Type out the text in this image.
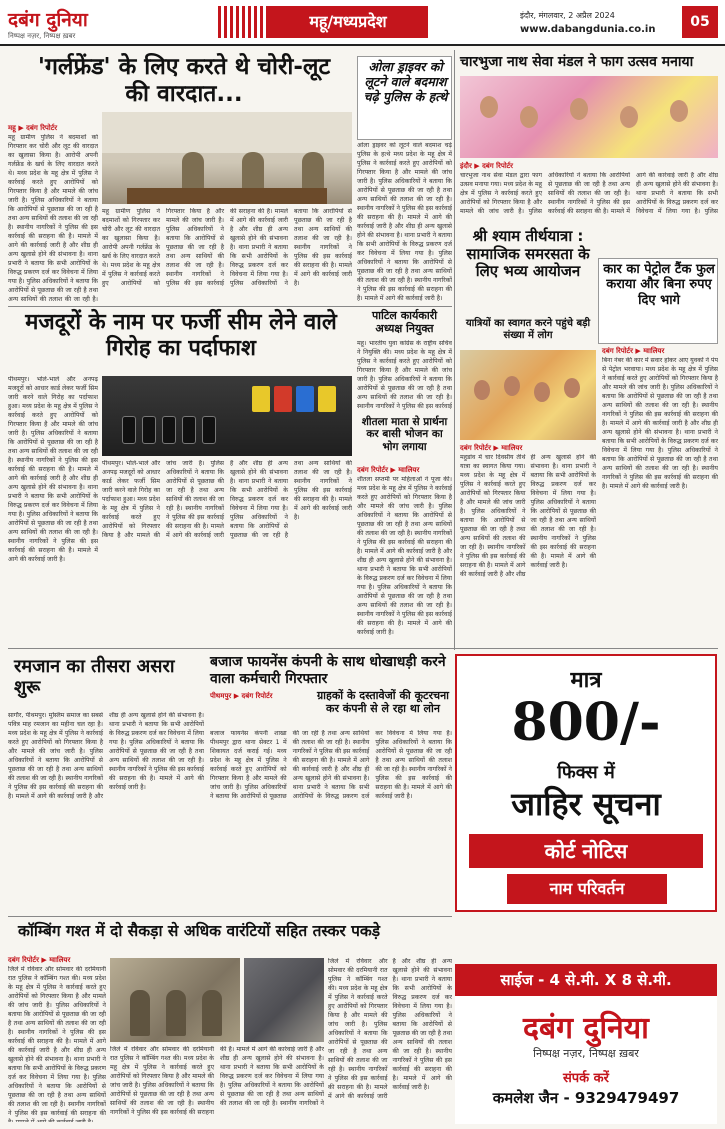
दबंग दुनिया
निष्पक्ष नज़र, निष्पक्ष ख़बर
महू/मध्यप्रदेश	इंदौर, मंगलवार, 2 अप्रैल 2024
www.dabangdunia.co.in	05
'गर्लफ्रेंड' के लिए करते थे चोरी-लूट की वारदात...
महू ▶ दबंग रिपोर्टर
महू ग्रामीण पुलिस ने बदमाशों को गिरफ्तार कर चोरी और लूट की वारदात का खुलासा किया है। आरोपी अपनी गर्लफ्रेंड के खर्च के लिए वारदात करते थे। मध्य प्रदेश के महू क्षेत्र में पुलिस ने कार्रवाई करते हुए आरोपियों को गिरफ्तार किया है और मामले की जांच जारी है। पुलिस अधिकारियों ने बताया कि आरोपियों से पूछताछ की जा रही है तथा अन्य साथियों की तलाश की जा रही है। स्थानीय नागरिकों ने पुलिस की इस कार्रवाई की सराहना की है। मामले में आगे की कार्रवाई जारी है और शीघ्र ही अन्य खुलासे होने की संभावना है। थाना प्रभारी ने बताया कि सभी आरोपियों के विरुद्ध प्रकरण दर्ज कर विवेचना में लिया गया है। पुलिस अधिकारियों ने बताया कि आरोपियों से पूछताछ की जा रही है तथा अन्य साथियों की तलाश की जा रही है। स्थानीय नागरिकों ने पुलिस की इस कार्रवाई की सराहना की है। मामले में आगे की कार्रवाई जारी है।
महू ग्रामीण पुलिस ने बदमाशों को गिरफ्तार कर चोरी और लूट की वारदात का खुलासा किया है। आरोपी अपनी गर्लफ्रेंड के खर्च के लिए वारदात करते थे। मध्य प्रदेश के महू क्षेत्र में पुलिस ने कार्रवाई करते हुए आरोपियों को गिरफ्तार किया है और मामले की जांच जारी है। पुलिस अधिकारियों ने बताया कि आरोपियों से पूछताछ की जा रही है तथा अन्य साथियों की तलाश की जा रही है। स्थानीय नागरिकों ने पुलिस की इस कार्रवाई की सराहना की है। मामले में आगे की कार्रवाई जारी है और शीघ्र ही अन्य खुलासे होने की संभावना है। थाना प्रभारी ने बताया कि सभी आरोपियों के विरुद्ध प्रकरण दर्ज कर विवेचना में लिया गया है। पुलिस अधिकारियों ने बताया कि आरोपियों से पूछताछ की जा रही है तथा अन्य साथियों की तलाश की जा रही है। स्थानीय नागरिकों ने पुलिस की इस कार्रवाई की सराहना की है। मामले में आगे की कार्रवाई जारी है।
ओला ड्राइवर को लूटने वाले बदमाश चढ़े पुलिस के हत्थे
ओला ड्राइवर को लूटने वाले बदमाश चढ़े पुलिस के हत्थे मध्य प्रदेश के महू क्षेत्र में पुलिस ने कार्रवाई करते हुए आरोपियों को गिरफ्तार किया है और मामले की जांच जारी है। पुलिस अधिकारियों ने बताया कि आरोपियों से पूछताछ की जा रही है तथा अन्य साथियों की तलाश की जा रही है। स्थानीय नागरिकों ने पुलिस की इस कार्रवाई की सराहना की है। मामले में आगे की कार्रवाई जारी है और शीघ्र ही अन्य खुलासे होने की संभावना है। थाना प्रभारी ने बताया कि सभी आरोपियों के विरुद्ध प्रकरण दर्ज कर विवेचना में लिया गया है। पुलिस अधिकारियों ने बताया कि आरोपियों से पूछताछ की जा रही है तथा अन्य साथियों की तलाश की जा रही है। स्थानीय नागरिकों ने पुलिस की इस कार्रवाई की सराहना की है। मामले में आगे की कार्रवाई जारी है।
चारभुजा नाथ सेवा मंडल ने फाग उत्सव मनाया
इंदौर ▶ दबंग रिपोर्टर
चारभुजा नाथ सेवा मंडल द्वारा फाग उत्सव मनाया गया। मध्य प्रदेश के महू क्षेत्र में पुलिस ने कार्रवाई करते हुए आरोपियों को गिरफ्तार किया है और मामले की जांच जारी है। पुलिस अधिकारियों ने बताया कि आरोपियों से पूछताछ की जा रही है तथा अन्य साथियों की तलाश की जा रही है। स्थानीय नागरिकों ने पुलिस की इस कार्रवाई की सराहना की है। मामले में आगे की कार्रवाई जारी है और शीघ्र ही अन्य खुलासे होने की संभावना है। थाना प्रभारी ने बताया कि सभी आरोपियों के विरुद्ध प्रकरण दर्ज कर विवेचना में लिया गया है। पुलिस अधिकारियों ने बताया कि आरोपियों से पूछताछ की जा रही है तथा अन्य साथियों की तलाश की जा रही है। स्थानीय नागरिकों ने पुलिस की इस कार्रवाई की सराहना की है। मामले में आगे की कार्रवाई जारी है।
श्री श्याम तीर्थयात्रा : सामाजिक समरसता के लिए भव्य आयोजन
यात्रियों का स्वागत करने पहुंचे बड़ी संख्या में लोग
दबंग रिपोर्टर ▶ ग्वालियर
महुडांव में चार दिवसीय तीर्थ यात्रा का स्वागत किया गया। मध्य प्रदेश के महू क्षेत्र में पुलिस ने कार्रवाई करते हुए आरोपियों को गिरफ्तार किया है और मामले की जांच जारी है। पुलिस अधिकारियों ने बताया कि आरोपियों से पूछताछ की जा रही है तथा अन्य साथियों की तलाश की जा रही है। स्थानीय नागरिकों ने पुलिस की इस कार्रवाई की सराहना की है। मामले में आगे की कार्रवाई जारी है और शीघ्र ही अन्य खुलासे होने की संभावना है। थाना प्रभारी ने बताया कि सभी आरोपियों के विरुद्ध प्रकरण दर्ज कर विवेचना में लिया गया है। पुलिस अधिकारियों ने बताया कि आरोपियों से पूछताछ की जा रही है तथा अन्य साथियों की तलाश की जा रही है। स्थानीय नागरिकों ने पुलिस की इस कार्रवाई की सराहना की है। मामले में आगे की कार्रवाई जारी है।
कार का पेट्रोल टैंक फुल कराया और बिना रुपए दिए भागे
दबंग रिपोर्टर ▶ ग्वालियर
बिना नंबर की कार में सवार होकर आए युवकों ने पंप से पेट्रोल भरवाया। मध्य प्रदेश के महू क्षेत्र में पुलिस ने कार्रवाई करते हुए आरोपियों को गिरफ्तार किया है और मामले की जांच जारी है। पुलिस अधिकारियों ने बताया कि आरोपियों से पूछताछ की जा रही है तथा अन्य साथियों की तलाश की जा रही है। स्थानीय नागरिकों ने पुलिस की इस कार्रवाई की सराहना की है। मामले में आगे की कार्रवाई जारी है और शीघ्र ही अन्य खुलासे होने की संभावना है। थाना प्रभारी ने बताया कि सभी आरोपियों के विरुद्ध प्रकरण दर्ज कर विवेचना में लिया गया है। पुलिस अधिकारियों ने बताया कि आरोपियों से पूछताछ की जा रही है तथा अन्य साथियों की तलाश की जा रही है। स्थानीय नागरिकों ने पुलिस की इस कार्रवाई की सराहना की है। मामले में आगे की कार्रवाई जारी है।
मजदूरों के नाम पर फर्जी सीम लेने वाले गिरोह का पर्दाफाश
पीथमपुर। भोले-भाले और अनपढ़ मजदूरों को आधार कार्ड लेकर फर्जी सिम जारी करने वाले गिरोह का पर्दाफाश हुआ। मध्य प्रदेश के महू क्षेत्र में पुलिस ने कार्रवाई करते हुए आरोपियों को गिरफ्तार किया है और मामले की जांच जारी है। पुलिस अधिकारियों ने बताया कि आरोपियों से पूछताछ की जा रही है तथा अन्य साथियों की तलाश की जा रही है। स्थानीय नागरिकों ने पुलिस की इस कार्रवाई की सराहना की है। मामले में आगे की कार्रवाई जारी है और शीघ्र ही अन्य खुलासे होने की संभावना है। थाना प्रभारी ने बताया कि सभी आरोपियों के विरुद्ध प्रकरण दर्ज कर विवेचना में लिया गया है। पुलिस अधिकारियों ने बताया कि आरोपियों से पूछताछ की जा रही है तथा अन्य साथियों की तलाश की जा रही है। स्थानीय नागरिकों ने पुलिस की इस कार्रवाई की सराहना की है। मामले में आगे की कार्रवाई जारी है।
पीथमपुर। भोले-भाले और अनपढ़ मजदूरों को आधार कार्ड लेकर फर्जी सिम जारी करने वाले गिरोह का पर्दाफाश हुआ। मध्य प्रदेश के महू क्षेत्र में पुलिस ने कार्रवाई करते हुए आरोपियों को गिरफ्तार किया है और मामले की जांच जारी है। पुलिस अधिकारियों ने बताया कि आरोपियों से पूछताछ की जा रही है तथा अन्य साथियों की तलाश की जा रही है। स्थानीय नागरिकों ने पुलिस की इस कार्रवाई की सराहना की है। मामले में आगे की कार्रवाई जारी है और शीघ्र ही अन्य खुलासे होने की संभावना है। थाना प्रभारी ने बताया कि सभी आरोपियों के विरुद्ध प्रकरण दर्ज कर विवेचना में लिया गया है। पुलिस अधिकारियों ने बताया कि आरोपियों से पूछताछ की जा रही है तथा अन्य साथियों की तलाश की जा रही है। स्थानीय नागरिकों ने पुलिस की इस कार्रवाई की सराहना की है। मामले में आगे की कार्रवाई जारी है।
पाटिल कार्यकारी अध्यक्ष नियुक्त
महू। भारतीय युवा कांग्रेस के राष्ट्रीय सचिव ने नियुक्ति की। मध्य प्रदेश के महू क्षेत्र में पुलिस ने कार्रवाई करते हुए आरोपियों को गिरफ्तार किया है और मामले की जांच जारी है। पुलिस अधिकारियों ने बताया कि आरोपियों से पूछताछ की जा रही है तथा अन्य साथियों की तलाश की जा रही है। स्थानीय नागरिकों ने पुलिस की इस कार्रवाई की सराहना की है। मामले में आगे की कार्रवाई जारी है और शीघ्र ही अन्य खुलासे होने की संभावना है। थाना प्रभारी ने बताया कि सभी आरोपियों के विरुद्ध प्रकरण दर्ज कर विवेचना में लिया गया है। पुलिस अधिकारियों ने बताया कि आरोपियों से पूछताछ की जा रही है तथा अन्य साथियों की तलाश की जा रही है। स्थानीय नागरिकों ने पुलिस की इस कार्रवाई की सराहना की है। मामले में आगे की कार्रवाई जारी है।
शीतला माता से प्रार्थना कर बासी भोजन का भोग लगाया
दबंग रिपोर्टर ▶ ग्वालियर
शीतला सप्तमी पर महिलाओं ने पूजा की। मध्य प्रदेश के महू क्षेत्र में पुलिस ने कार्रवाई करते हुए आरोपियों को गिरफ्तार किया है और मामले की जांच जारी है। पुलिस अधिकारियों ने बताया कि आरोपियों से पूछताछ की जा रही है तथा अन्य साथियों की तलाश की जा रही है। स्थानीय नागरिकों ने पुलिस की इस कार्रवाई की सराहना की है। मामले में आगे की कार्रवाई जारी है और शीघ्र ही अन्य खुलासे होने की संभावना है। थाना प्रभारी ने बताया कि सभी आरोपियों के विरुद्ध प्रकरण दर्ज कर विवेचना में लिया गया है। पुलिस अधिकारियों ने बताया कि आरोपियों से पूछताछ की जा रही है तथा अन्य साथियों की तलाश की जा रही है। स्थानीय नागरिकों ने पुलिस की इस कार्रवाई की सराहना की है। मामले में आगे की कार्रवाई जारी है।
रमजान का तीसरा असरा शुरू
सागौर, पीथमपुर। मुस्लिम समाज का सबसे पवित्र माह रमजान का महीना चल रहा है। मध्य प्रदेश के महू क्षेत्र में पुलिस ने कार्रवाई करते हुए आरोपियों को गिरफ्तार किया है और मामले की जांच जारी है। पुलिस अधिकारियों ने बताया कि आरोपियों से पूछताछ की जा रही है तथा अन्य साथियों की तलाश की जा रही है। स्थानीय नागरिकों ने पुलिस की इस कार्रवाई की सराहना की है। मामले में आगे की कार्रवाई जारी है और शीघ्र ही अन्य खुलासे होने की संभावना है। थाना प्रभारी ने बताया कि सभी आरोपियों के विरुद्ध प्रकरण दर्ज कर विवेचना में लिया गया है। पुलिस अधिकारियों ने बताया कि आरोपियों से पूछताछ की जा रही है तथा अन्य साथियों की तलाश की जा रही है। स्थानीय नागरिकों ने पुलिस की इस कार्रवाई की सराहना की है। मामले में आगे की कार्रवाई जारी है।
बजाज फायनेंस कंपनी के साथ धोखाधड़ी करने वाला कर्मचारी गिरफ्तार
पीथमपुर ▶ दबंग रिपोर्टर	ग्राहकों के दस्तावेजों की कूटरचना कर कंपनी से ले रहा था लोन
बजाज फायनेंस कंपनी शाखा पीथमपुर द्वारा थाना सेक्टर 1 में शिकायत दर्ज कराई गई। मध्य प्रदेश के महू क्षेत्र में पुलिस ने कार्रवाई करते हुए आरोपियों को गिरफ्तार किया है और मामले की जांच जारी है। पुलिस अधिकारियों ने बताया कि आरोपियों से पूछताछ की जा रही है तथा अन्य साथियों की तलाश की जा रही है। स्थानीय नागरिकों ने पुलिस की इस कार्रवाई की सराहना की है। मामले में आगे की कार्रवाई जारी है और शीघ्र ही अन्य खुलासे होने की संभावना है। थाना प्रभारी ने बताया कि सभी आरोपियों के विरुद्ध प्रकरण दर्ज कर विवेचना में लिया गया है। पुलिस अधिकारियों ने बताया कि आरोपियों से पूछताछ की जा रही है तथा अन्य साथियों की तलाश की जा रही है। स्थानीय नागरिकों ने पुलिस की इस कार्रवाई की सराहना की है। मामले में आगे की कार्रवाई जारी है।
मात्र
800/-
फिक्स में
जाहिर सूचना
कोर्ट नोटिस
नाम परिवर्तन
कॉम्बिंग गश्त में दो सैकड़ा से अधिक वारंटियों सहित तस्कर पकड़े
दबंग रिपोर्टर ▶ ग्वालियर
जिले में रविवार और सोमवार की दरमियानी रात पुलिस ने कॉम्बिंग गश्त की। मध्य प्रदेश के महू क्षेत्र में पुलिस ने कार्रवाई करते हुए आरोपियों को गिरफ्तार किया है और मामले की जांच जारी है। पुलिस अधिकारियों ने बताया कि आरोपियों से पूछताछ की जा रही है तथा अन्य साथियों की तलाश की जा रही है। स्थानीय नागरिकों ने पुलिस की इस कार्रवाई की सराहना की है। मामले में आगे की कार्रवाई जारी है और शीघ्र ही अन्य खुलासे होने की संभावना है। थाना प्रभारी ने बताया कि सभी आरोपियों के विरुद्ध प्रकरण दर्ज कर विवेचना में लिया गया है। पुलिस अधिकारियों ने बताया कि आरोपियों से पूछताछ की जा रही है तथा अन्य साथियों की तलाश की जा रही है। स्थानीय नागरिकों ने पुलिस की इस कार्रवाई की सराहना की है। मामले में आगे की कार्रवाई जारी है।
जिले में रविवार और सोमवार की दरमियानी रात पुलिस ने कॉम्बिंग गश्त की। मध्य प्रदेश के महू क्षेत्र में पुलिस ने कार्रवाई करते हुए आरोपियों को गिरफ्तार किया है और मामले की जांच जारी है। पुलिस अधिकारियों ने बताया कि आरोपियों से पूछताछ की जा रही है तथा अन्य साथियों की तलाश की जा रही है। स्थानीय नागरिकों ने पुलिस की इस कार्रवाई की सराहना की है। मामले में आगे की कार्रवाई जारी है और शीघ्र ही अन्य खुलासे होने की संभावना है। थाना प्रभारी ने बताया कि सभी आरोपियों के विरुद्ध प्रकरण दर्ज कर विवेचना में लिया गया है। पुलिस अधिकारियों ने बताया कि आरोपियों से पूछताछ की जा रही है तथा अन्य साथियों की तलाश की जा रही है। स्थानीय नागरिकों ने पुलिस की इस कार्रवाई की सराहना की है। मामले में आगे की कार्रवाई जारी है।
जिले में रविवार और सोमवार की दरमियानी रात पुलिस ने कॉम्बिंग गश्त की। मध्य प्रदेश के महू क्षेत्र में पुलिस ने कार्रवाई करते हुए आरोपियों को गिरफ्तार किया है और मामले की जांच जारी है। पुलिस अधिकारियों ने बताया कि आरोपियों से पूछताछ की जा रही है तथा अन्य साथियों की तलाश की जा रही है। स्थानीय नागरिकों ने पुलिस की इस कार्रवाई की सराहना की है। मामले में आगे की कार्रवाई जारी है और शीघ्र ही अन्य खुलासे होने की संभावना है। थाना प्रभारी ने बताया कि सभी आरोपियों के विरुद्ध प्रकरण दर्ज कर विवेचना में लिया गया है। पुलिस अधिकारियों ने बताया कि आरोपियों से पूछताछ की जा रही है तथा अन्य साथियों की तलाश की जा रही है। स्थानीय नागरिकों ने पुलिस की इस कार्रवाई की सराहना की है। मामले में आगे की कार्रवाई जारी है।	साईज - 4 से.मी. X 8 से.मी.
दबंग दुनिया
निष्पक्ष नज़र, निष्पक्ष ख़बर
संपर्क करें
कमलेश जैन - 9329479497
